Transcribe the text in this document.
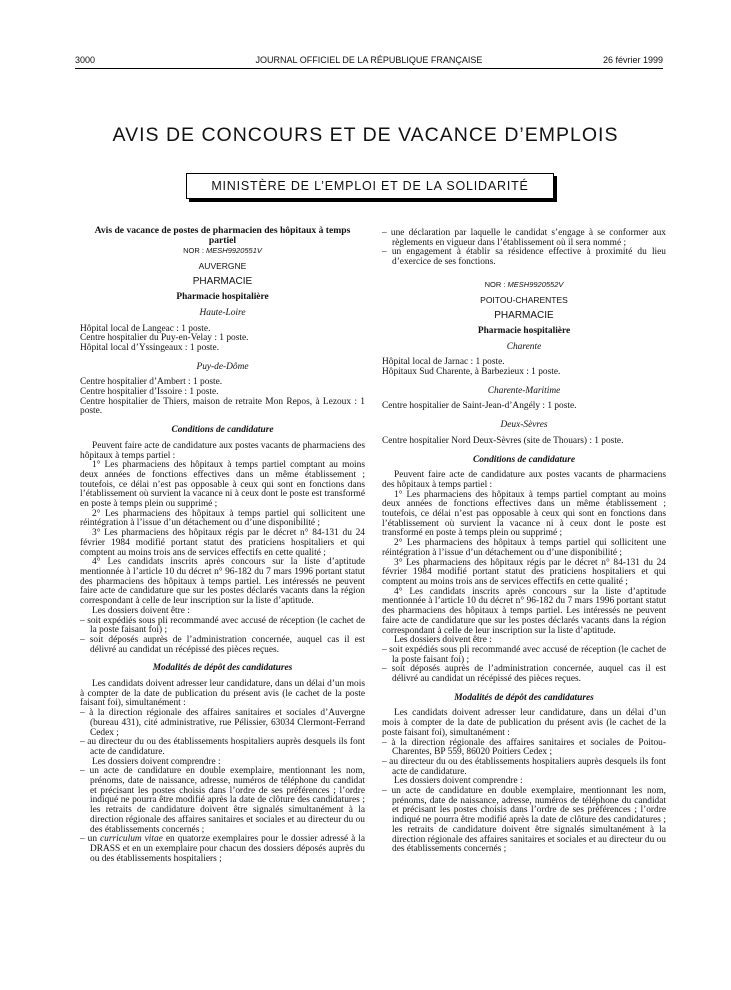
3000	JOURNAL OFFICIEL DE LA RÉPUBLIQUE FRANÇAISE	26 février 1999
AVIS DE CONCOURS ET DE VACANCE D’EMPLOIS
MINISTÈRE DE L’EMPLOI ET DE LA SOLIDARITÉ

Avis de vacance de postes de pharmacien des hôpitaux à temps partiel

NOR : MESH9920551V

AUVERGNE

PHARMACIE

Pharmacie hospitalière

Haute-Loire

Hôpital local de Langeac : 1 poste.
Centre hospitalier du Puy-en-Velay : 1 poste.
Hôpital local d’Yssingeaux : 1 poste.

Puy-de-Dôme

Centre hospitalier d’Ambert : 1 poste.
Centre hospitalier d’Issoire : 1 poste.
Centre hospitalier de Thiers, maison de retraite Mon Repos, à Lezoux : 1 poste.

Conditions de candidature

Peuvent faire acte de candidature aux postes vacants de pharmaciens des hôpitaux à temps partiel :

1° Les pharmaciens des hôpitaux à temps partiel comptant au moins deux années de fonctions effectives dans un même établissement ; toutefois, ce délai n’est pas opposable à ceux qui sont en fonctions dans l’établissement où survient la vacance ni à ceux dont le poste est transformé en poste à temps plein ou supprimé ;

2° Les pharmaciens des hôpitaux à temps partiel qui sollicitent une réintégration à l’issue d’un détachement ou d’une disponibilité ;

3° Les pharmaciens des hôpitaux régis par le décret n° 84-131 du 24 février 1984 modifié portant statut des praticiens hospitaliers et qui comptent au moins trois ans de services effectifs en cette qualité ;

4° Les candidats inscrits après concours sur la liste d’aptitude mentionnée à l’article 10 du décret n° 96-182 du 7 mars 1996 portant statut des pharmaciens des hôpitaux à temps partiel. Les intéressés ne peuvent faire acte de candidature que sur les postes déclarés vacants dans la région correspondant à celle de leur inscription sur la liste d’aptitude.

Les dossiers doivent être :

– soit expédiés sous pli recommandé avec accusé de réception (le cachet de la poste faisant foi) ;

– soit déposés auprès de l’administration concernée, auquel cas il est délivré au candidat un récépissé des pièces reçues.

Modalités de dépôt des candidatures

Les candidats doivent adresser leur candidature, dans un délai d’un mois à compter de la date de publication du présent avis (le cachet de la poste faisant foi), simultanément :

– à la direction régionale des affaires sanitaires et sociales d’Auvergne (bureau 431), cité administrative, rue Pélissier, 63034 Clermont-Ferrand Cedex ;

– au directeur du ou des établissements hospitaliers auprès desquels ils font acte de candidature.

Les dossiers doivent comprendre :

– un acte de candidature en double exemplaire, mentionnant les nom, prénoms, date de naissance, adresse, numéros de téléphone du candidat et précisant les postes choisis dans l’ordre de ses préférences ; l’ordre indiqué ne pourra être modifié après la date de clôture des candidatures ; les retraits de candidature doivent être signalés simultanément à la direction régionale des affaires sanitaires et sociales et au directeur du ou des établissements concernés ;

– un curriculum vitae en quatorze exemplaires pour le dossier adressé à la DRASS et en un exemplaire pour chacun des dossiers déposés auprès du ou des établissements hospitaliers ;

– une déclaration par laquelle le candidat s’engage à se conformer aux règlements en vigueur dans l’établissement où il sera nommé ;

– un engagement à établir sa résidence effective à proximité du lieu d’exercice de ses fonctions.

NOR : MESH9920552V

POITOU-CHARENTES

PHARMACIE

Pharmacie hospitalière

Charente

Hôpital local de Jarnac : 1 poste.
Hôpitaux Sud Charente, à Barbezieux : 1 poste.

Charente-Maritime

Centre hospitalier de Saint-Jean-d’Angély : 1 poste.

Deux-Sèvres

Centre hospitalier Nord Deux-Sèvres (site de Thouars) : 1 poste.

Conditions de candidature

Peuvent faire acte de candidature aux postes vacants de pharmaciens des hôpitaux à temps partiel :

1° Les pharmaciens des hôpitaux à temps partiel comptant au moins deux années de fonctions effectives dans un même établissement ; toutefois, ce délai n’est pas opposable à ceux qui sont en fonctions dans l’établissement où survient la vacance ni à ceux dont le poste est transformé en poste à temps plein ou supprimé ;

2° Les pharmaciens des hôpitaux à temps partiel qui sollicitent une réintégration à l’issue d’un détachement ou d’une disponibilité ;

3° Les pharmaciens des hôpitaux régis par le décret n° 84-131 du 24 février 1984 modifié portant statut des praticiens hospitaliers et qui comptent au moins trois ans de services effectifs en cette qualité ;

4° Les candidats inscrits après concours sur la liste d’aptitude mentionnée à l’article 10 du décret n° 96-182 du 7 mars 1996 portant statut des pharmaciens des hôpitaux à temps partiel. Les intéressés ne peuvent faire acte de candidature que sur les postes déclarés vacants dans la région correspondant à celle de leur inscription sur la liste d’aptitude.

Les dossiers doivent être :

– soit expédiés sous pli recommandé avec accusé de réception (le cachet de la poste faisant foi) ;

– soit déposés auprès de l’administration concernée, auquel cas il est délivré au candidat un récépissé des pièces reçues.

Modalités de dépôt des candidatures

Les candidats doivent adresser leur candidature, dans un délai d’un mois à compter de la date de publication du présent avis (le cachet de la poste faisant foi), simultanément :

– à la direction régionale des affaires sanitaires et sociales de Poitou-Charentes, BP 559, 86020 Poitiers Cedex ;

– au directeur du ou des établissements hospitaliers auprès desquels ils font acte de candidature.

Les dossiers doivent comprendre :

– un acte de candidature en double exemplaire, mentionnant les nom, prénoms, date de naissance, adresse, numéros de téléphone du candidat et précisant les postes choisis dans l’ordre de ses préférences ; l’ordre indiqué ne pourra être modifié après la date de clôture des candidatures ; les retraits de candidature doivent être signalés simultanément à la direction régionale des affaires sanitaires et sociales et au directeur du ou des établissements concernés ;
